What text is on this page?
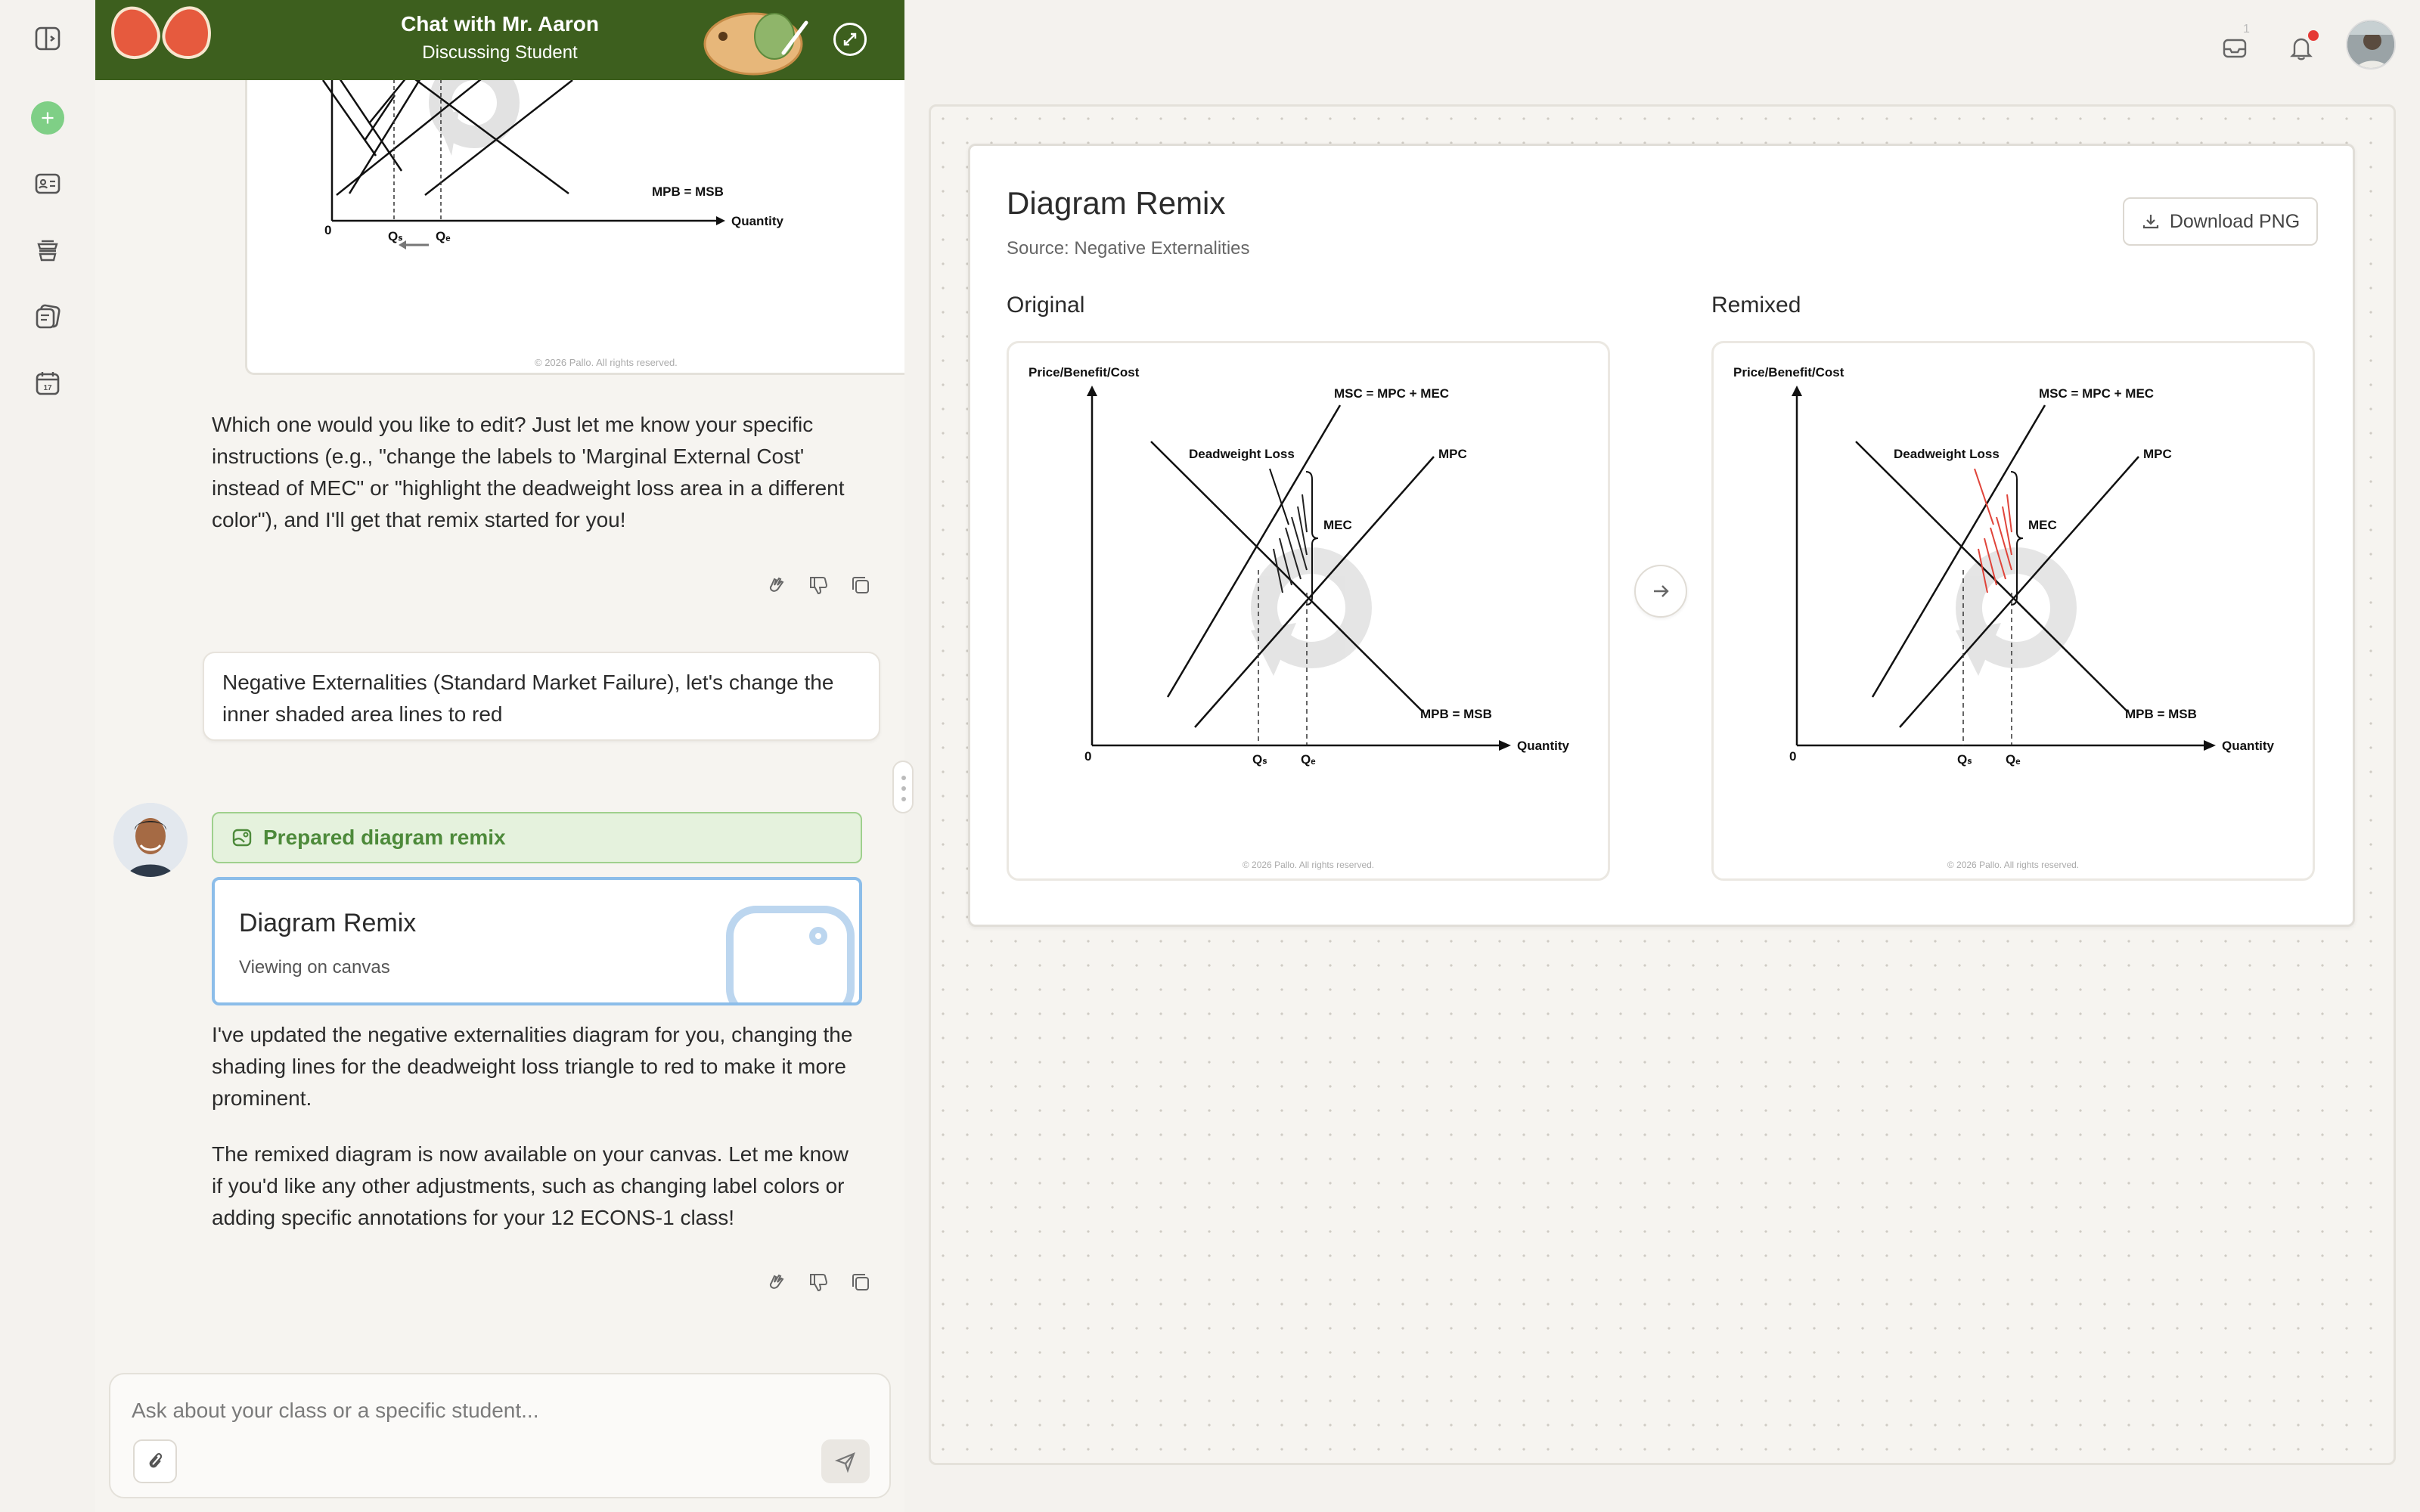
17
MPB = MSB
Quantity
0	Qₛ	Qₑ
© 2026 Pallo. All rights reserved.
Chat with Mr. Aaron
Discussing Student
Which one would you like to edit? Just let me know your specific instructions (e.g., "change the labels to 'Marginal External Cost' instead of MEC" or "highlight the deadweight loss area in a different color"), and I'll get that remix started for you!
Negative Externalities (Standard Market Failure), let's change the inner shaded area lines to red
Prepared diagram remix
Diagram Remix
Viewing on canvas
I've updated the negative externalities diagram for you, changing the shading lines for the deadweight loss triangle to red to make it more prominent.
The remixed diagram is now available on your canvas. Let me know if you'd like any other adjustments, such as changing label colors or adding specific annotations for your 12 ECONS-1 class!
Ask about your class or a specific student...
1
Diagram Remix
Source: Negative Externalities
Download PNG
Original	Remixed
Price/Benefit/Cost
MSC = MPC + MEC
MPC
Deadweight Loss
MEC
MPB = MSB
Quantity
0	Qₛ	Qₑ
© 2026 Pallo. All rights reserved.
Price/Benefit/Cost
MSC = MPC + MEC
MPC
Deadweight Loss
MEC
MPB = MSB
Quantity
0	Qₛ	Qₑ
© 2026 Pallo. All rights reserved.
